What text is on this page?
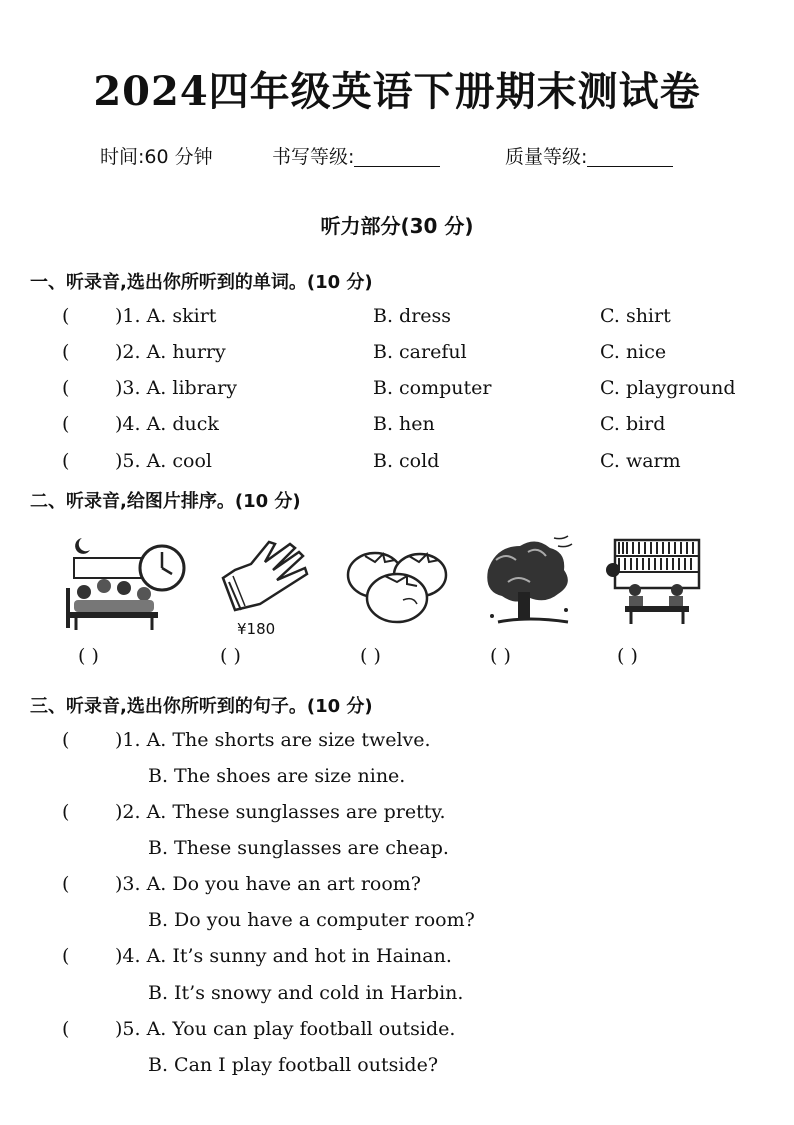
2024四年级英语下册期末测试卷
时间:60 分钟	书写等级:	质量等级:
听力部分(30 分)
一、听录音,选出你所听到的单词。(10 分)
( )1. A. skirt	B. dress	C. shirt
( )2. A. hurry	B. careful	C. nice
( )3. A. library	B. computer	C. playground
( )4. A. duck	B. hen	C. bird
( )5. A. cool	B. cold	C. warm
二、听录音,给图片排序。(10 分)
¥180
( )	( )	( )	( )	( )
三、听录音,选出你所听到的句子。(10 分)
( )1. A. The shorts are size twelve.
B. The shoes are size nine.
( )2. A. These sunglasses are pretty.
B. These sunglasses are cheap.
( )3. A. Do you have an art room?
B. Do you have a computer room?
( )4. A. It’s sunny and hot in Hainan.
B. It’s snowy and cold in Harbin.
( )5. A. You can play football outside.
B. Can I play football outside?
